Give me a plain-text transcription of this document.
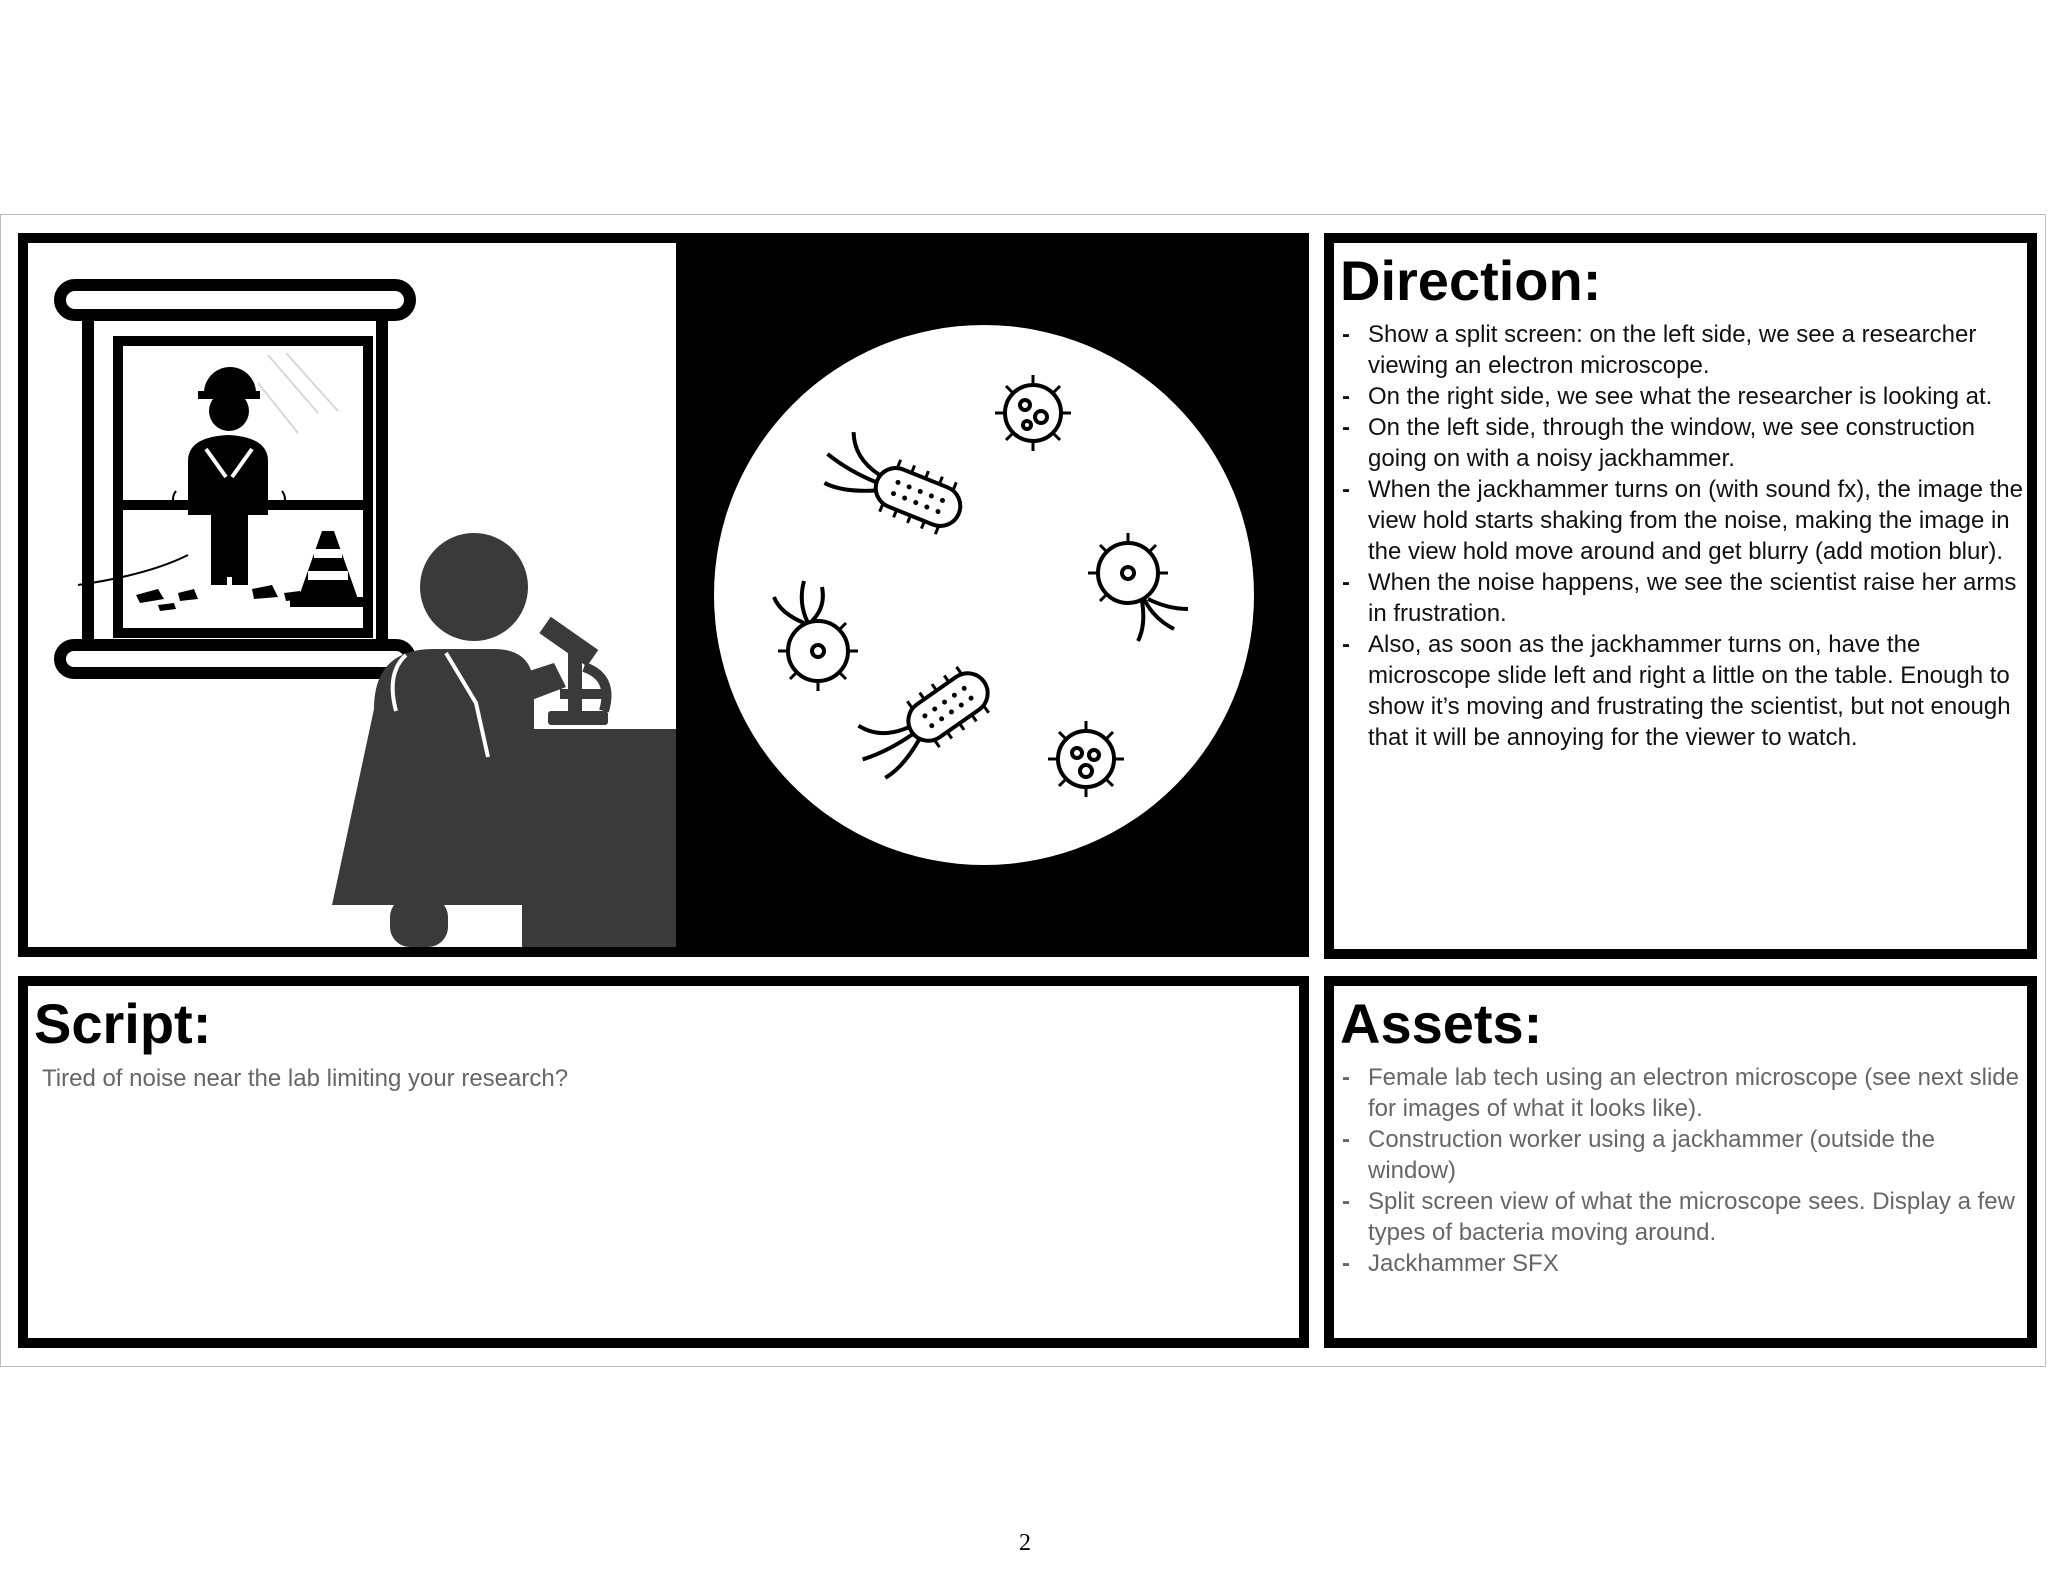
Direction:
- Show a split screen: on the left side, we see a researcher viewing an electron microscope.
- On the right side, we see what the researcher is looking at.
- On the left side, through the window, we see construction going on with a noisy jackhammer.
- When the jackhammer turns on (with sound fx), the image the view hold starts shaking from the noise, making the image in the view hold move around and get blurry (add motion blur).
- When the noise happens, we see the scientist raise her arms in frustration.
- Also, as soon as the jackhammer turns on, have the microscope slide left and right a little on the table. Enough to show it’s moving and frustrating the scientist, but not enough that it will be annoying for the viewer to watch.
Script:
Tired of noise near the lab limiting your research?
Assets:
- Female lab tech using an electron microscope (see next slide for images of what it looks like).
- Construction worker using a jackhammer (outside the window)
- Split screen view of what the microscope sees. Display a few types of bacteria moving around.
- Jackhammer SFX
2
